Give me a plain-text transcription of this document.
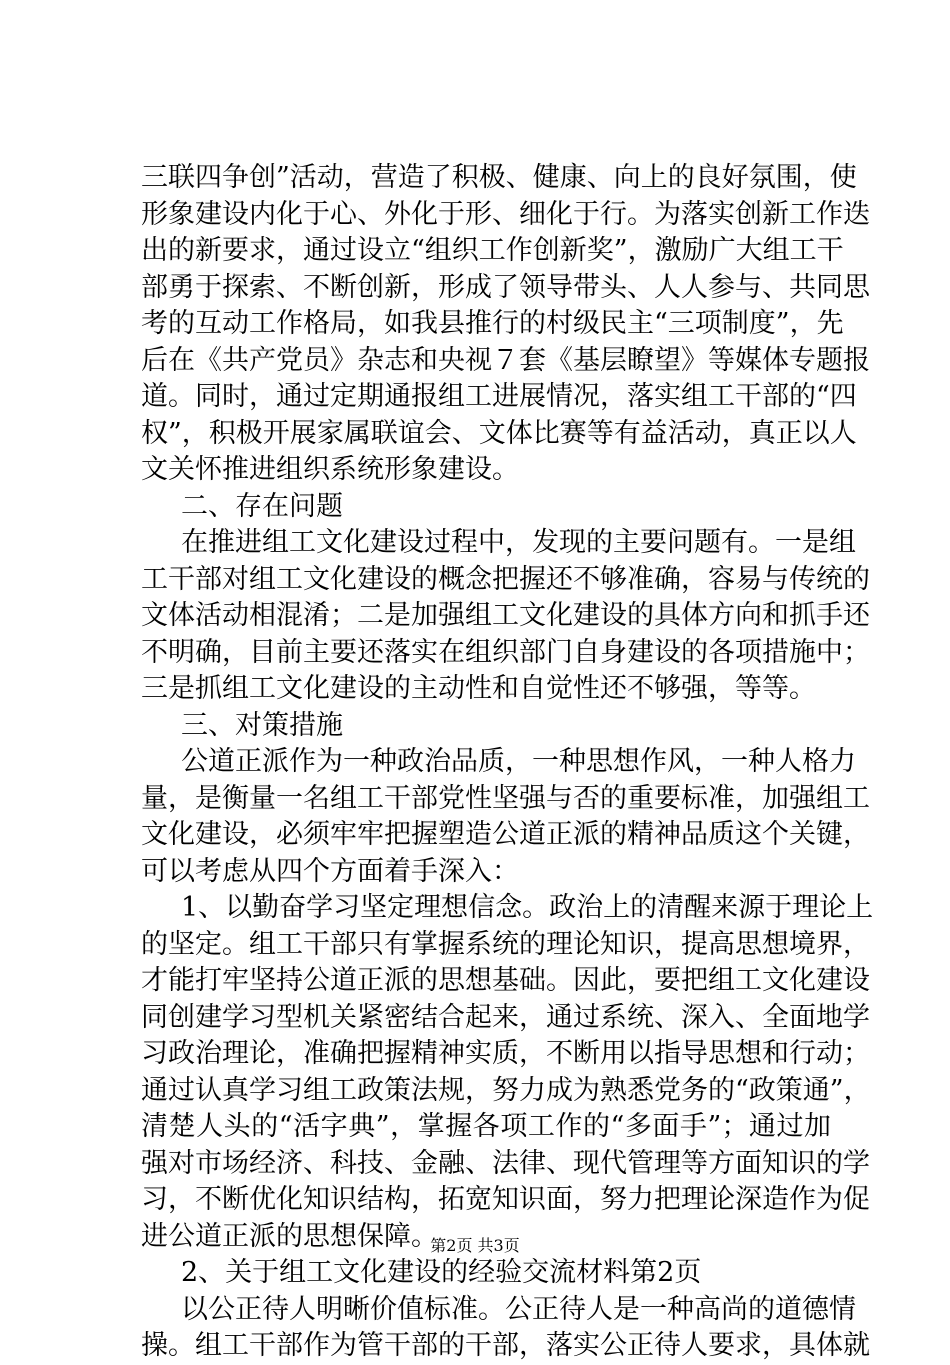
三联四争创”活动，营造了积极、健康、向上的良好氛围，使
形象建设内化于心、外化于形、细化于行。为落实创新工作迭
出的新要求，通过设立“组织工作创新奖”，激励广大组工干
部勇于探索、不断创新，形成了领导带头、人人参与、共同思
考的互动工作格局，如我县推行的村级民主“三项制度”，先
后在《共产党员》杂志和央视７套《基层瞭望》等媒体专题报
道。同时，通过定期通报组工进展情况，落实组工干部的“四
权”，积极开展家属联谊会、文体比赛等有益活动，真正以人
文关怀推进组织系统形象建设。
二、存在问题
在推进组工文化建设过程中，发现的主要问题有。一是组
工干部对组工文化建设的概念把握还不够准确，容易与传统的
文体活动相混淆；二是加强组工文化建设的具体方向和抓手还
不明确，目前主要还落实在组织部门自身建设的各项措施中；
三是抓组工文化建设的主动性和自觉性还不够强，等等。
三、对策措施
公道正派作为一种政治品质，一种思想作风，一种人格力
量，是衡量一名组工干部党性坚强与否的重要标准，加强组工
文化建设，必须牢牢把握塑造公道正派的精神品质这个关键，
可以考虑从四个方面着手深入：
1、以勤奋学习坚定理想信念。政治上的清醒来源于理论上
的坚定。组工干部只有掌握系统的理论知识，提高思想境界，
才能打牢坚持公道正派的思想基础。因此，要把组工文化建设
同创建学习型机关紧密结合起来，通过系统、深入、全面地学
习政治理论，准确把握精神实质，不断用以指导思想和行动；
通过认真学习组工政策法规，努力成为熟悉党务的“政策通”，
清楚人头的“活字典”，掌握各项工作的“多面手”；通过加
强对市场经济、科技、金融、法律、现代管理等方面知识的学
习，不断优化知识结构，拓宽知识面，努力把理论深造作为促
进公道正派的思想保障。
2、关于组工文化建设的经验交流材料第2页
以公正待人明晰价值标准。公正待人是一种高尚的道德情
操。组工干部作为管干部的干部，落实公正待人要求，具体就
第2页 共3页
